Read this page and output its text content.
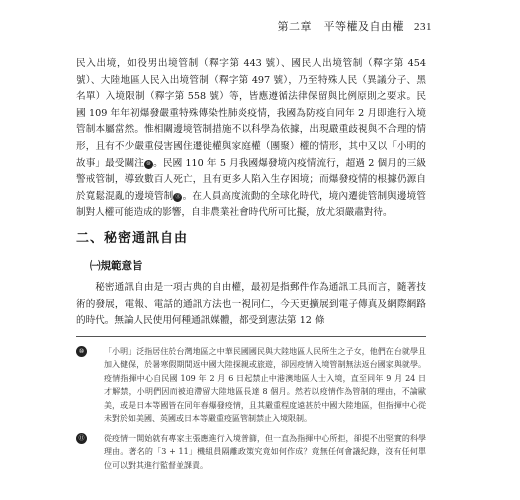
第二章　平等權及自由權 231

民入出境，如役男出境管制（釋字第 443 號）、國民人出境管制（釋字第 454 號）、大陸地區人民入出境管制（釋字第 497 號），乃至特殊人民（異議分子、黑名單）入境限制（釋字第 558 號）等，皆應遵循法律保留與比例原則之要求。民國 109 年年初爆發嚴重特殊傳染性肺炎疫情，我國為防疫自同年 2 月即進行入境管制本屬當然。惟相關邊境管制措施不以科學為依據，出現嚴重歧視與不合理的情形，且有不少嚴重侵害國住遷徙權與家庭權（團聚）權的情形，其中又以「小明的故事」最受關注 ⑩ 。民國 110 年 5 月我國爆發境內疫情流行，超過 2 個月的三級警戒管制，導致數百人死亡，且有更多人陷入生存困境；而爆發疫情的根據仍源自於寬鬆混亂的邊境管制 ⑪ 。在人員高度流動的全球化時代，境內遷徙管制與邊境管制對人權可能造成的影響，自非農業社會時代所可比擬，放尤須嚴肅對待。

二、秘密通訊自由
㈠規範意旨

秘密通訊自由是一項古典的自由權，最初是指郵件作為通訊工具而言，隨著技術的發展，電報、電話的通訊方法也一視同仁，今天更擴展到電子傳真及網際網路的時代。無論人民使用何種通訊媒體，都受到憲法第 12 條

⑩	「小明」泛指居住於台灣地區之中華民國國民與大陸地區人民所生之子女，他們在台就學且加入健保，於暑寒假期間返中國大陸探親或旅遊，卻因疫情入境管制無法返台國家與就學。疫情指揮中心自民國 109 年 2 月 6 日起禁止中港澳地區人士入境，直至同年 9 月 24 日才解禁，小明們因而被迫滯留大陸地區長達 8 個月。然若以疫情作為管制的理由，不論歐美，或是日本等國皆在同年春爆發疫情，且其嚴重程度遠甚於中國大陸地區，但指揮中心從未對於如美國、英國或日本等嚴重疫區管制禁止入境限制。
⑪	從疫情一開始就有專家主張應進行入境普篩，但一直為指揮中心所拒，卻提不出堅實的科學理由。著名的「3 + 11」機組員隔離政策究竟如何作成？竟無任何會議紀錄，沒有任何單位可以對其進行監督並課責。
